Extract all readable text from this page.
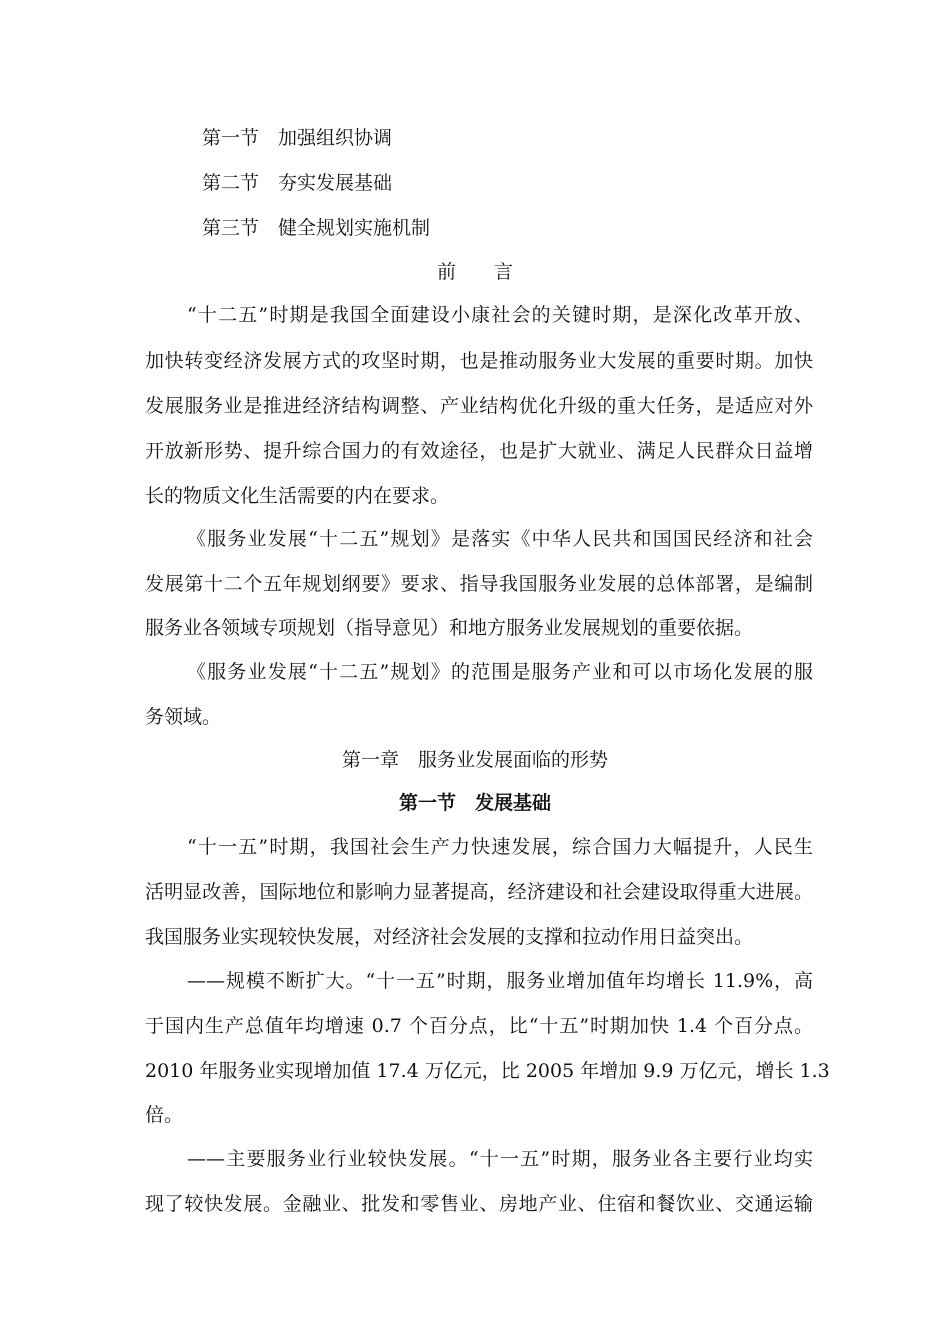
第一节 加强组织协调
第二节 夯实发展基础
第三节 健全规划实施机制
前　　言
“十二五”时期是我国全面建设小康社会的关键时期，是深化改革开放、
加快转变经济发展方式的攻坚时期，也是推动服务业大发展的重要时期。加快
发展服务业是推进经济结构调整、产业结构优化升级的重大任务，是适应对外
开放新形势、提升综合国力的有效途径，也是扩大就业、满足人民群众日益增
长的物质文化生活需要的内在要求。
《服务业发展“十二五”规划》是落实《中华人民共和国国民经济和社会
发展第十二个五年规划纲要》要求、指导我国服务业发展的总体部署，是编制
服务业各领域专项规划（指导意见）和地方服务业发展规划的重要依据。
《服务业发展“十二五”规划》的范围是服务产业和可以市场化发展的服
务领域。
第一章　服务业发展面临的形势
第一节　发展基础
“十一五”时期，我国社会生产力快速发展，综合国力大幅提升，人民生
活明显改善，国际地位和影响力显著提高，经济建设和社会建设取得重大进展。
我国服务业实现较快发展，对经济社会发展的支撑和拉动作用日益突出。
——规模不断扩大。“十一五”时期，服务业增加值年均增长 11.9%，高
于国内生产总值年均增速 0.7 个百分点，比“十五”时期加快 1.4 个百分点。
2010 年服务业实现增加值 17.4 万亿元，比 2005 年增加 9.9 万亿元，增长 1.3
倍。
——主要服务业行业较快发展。“十一五”时期，服务业各主要行业均实
现了较快发展。金融业、批发和零售业、房地产业、住宿和餐饮业、交通运输
